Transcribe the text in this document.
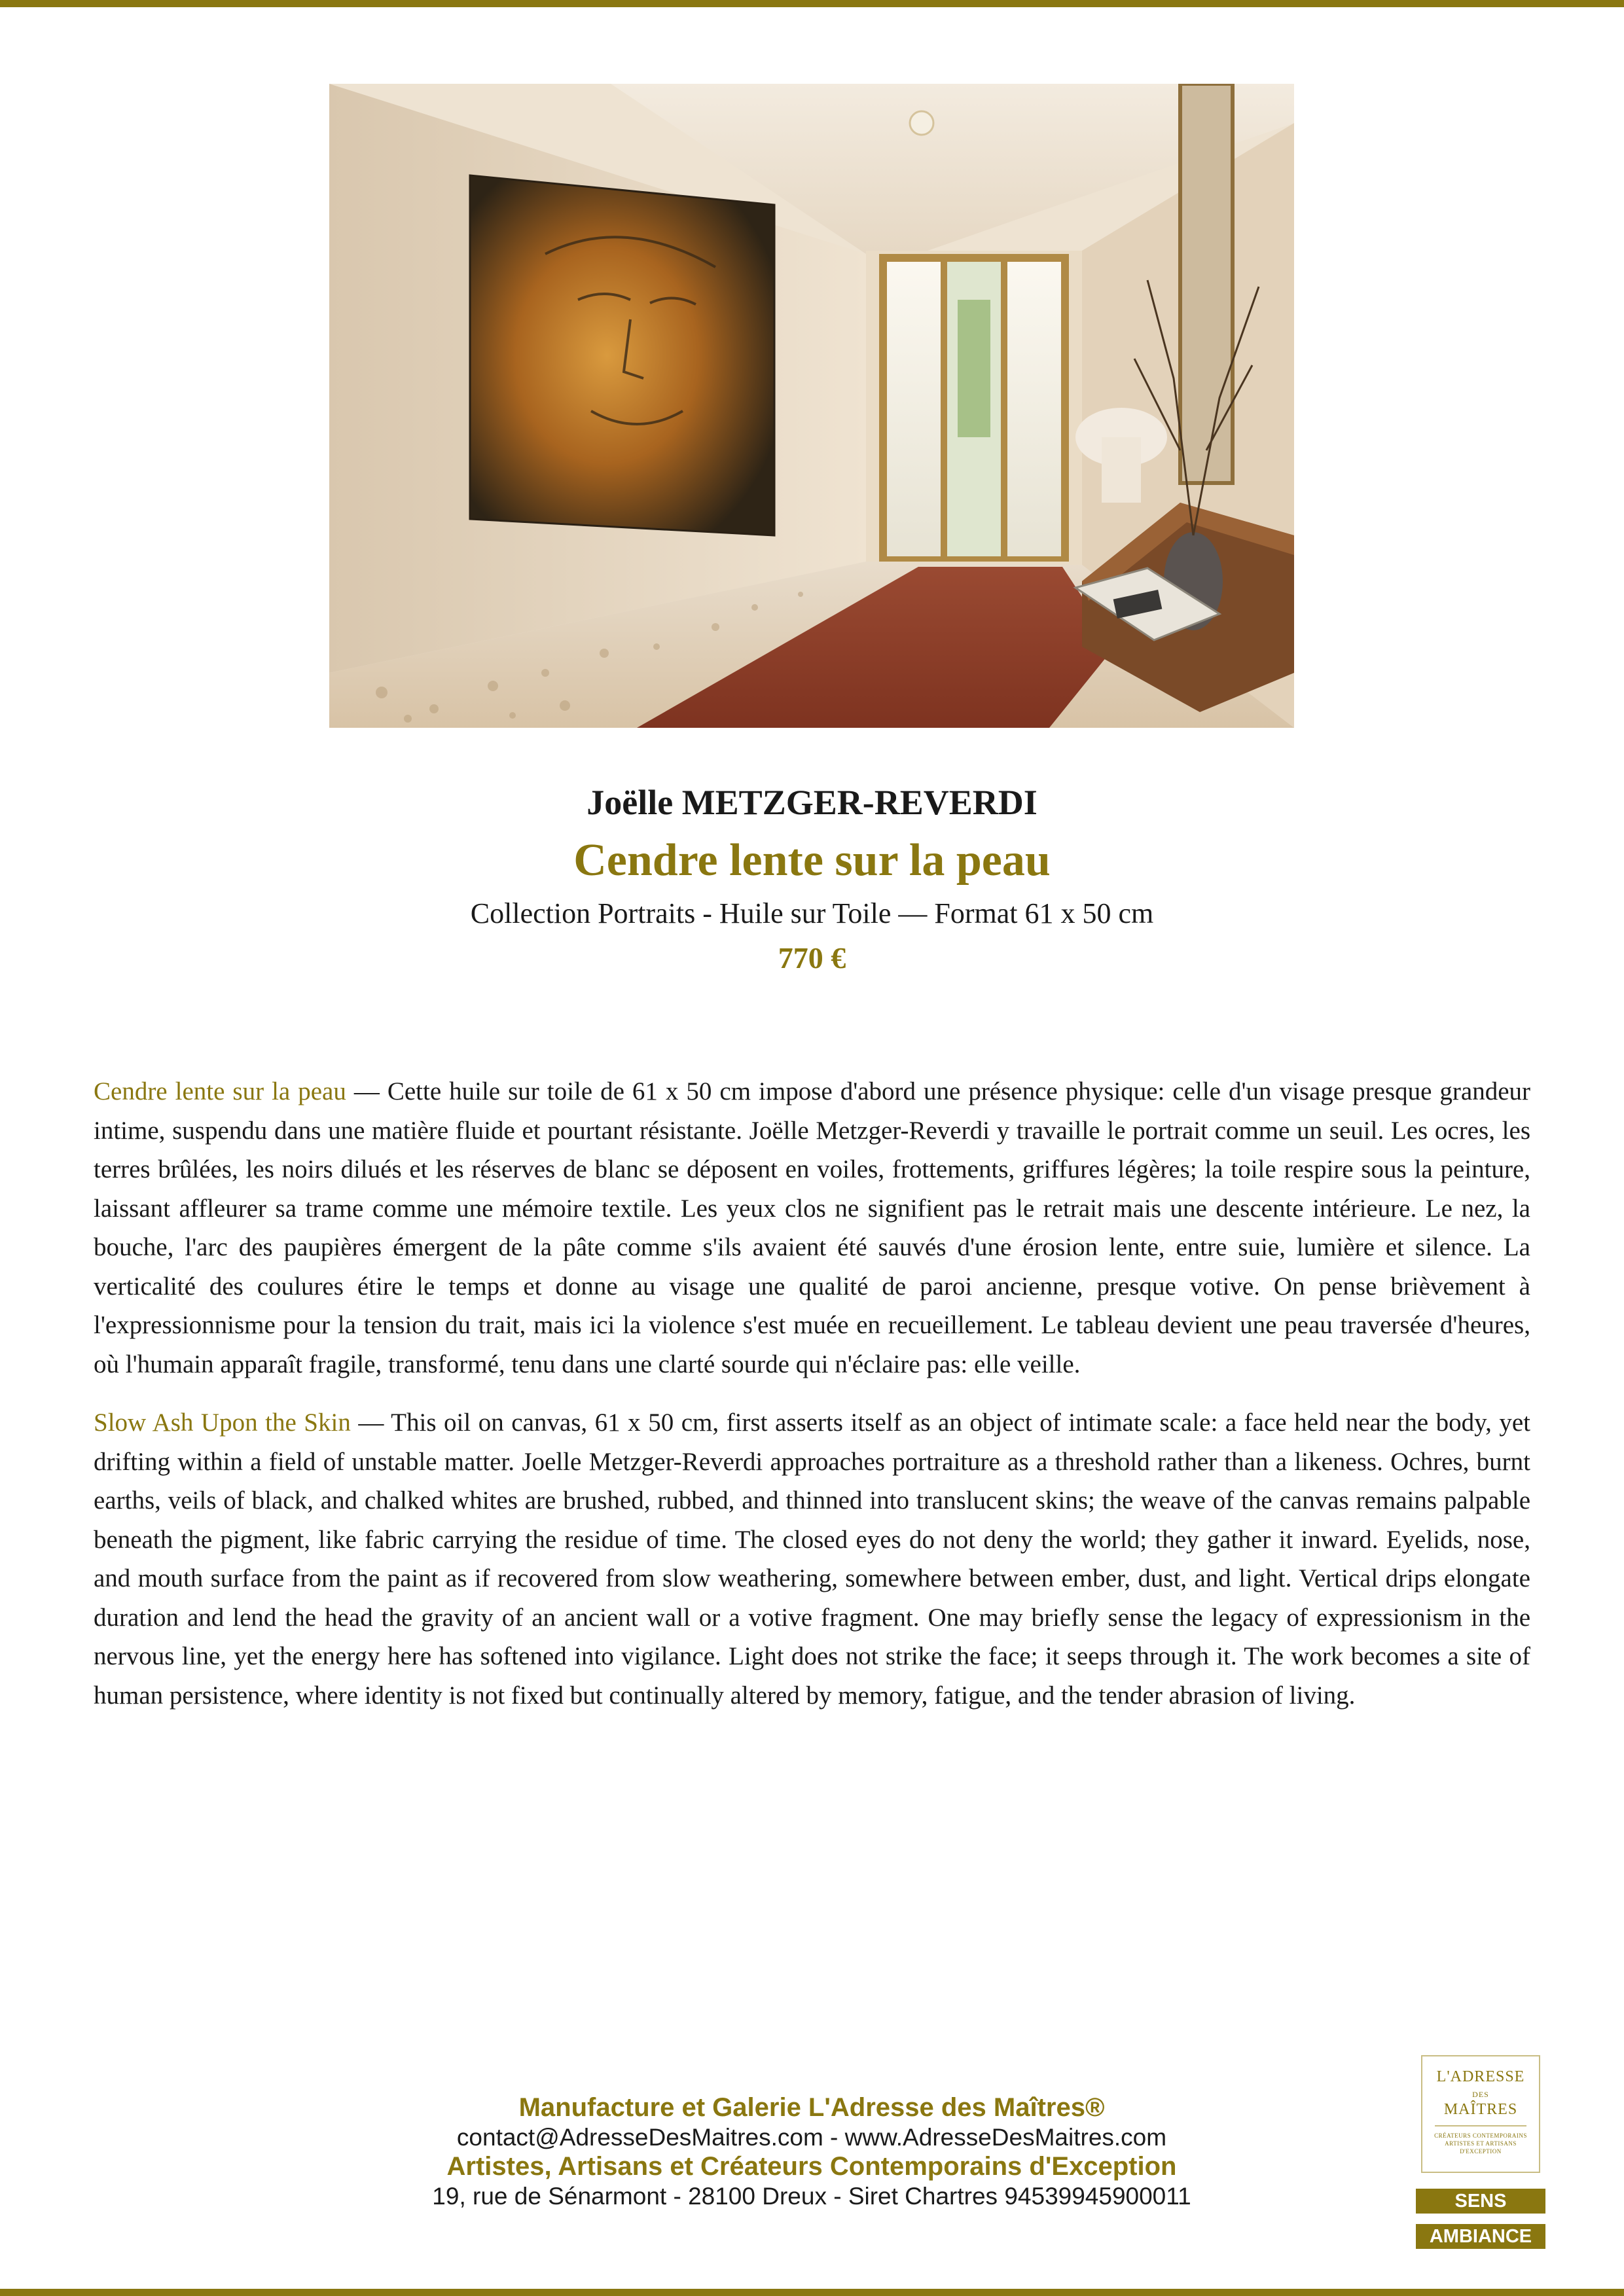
Joëlle METZGER-REVERDI
Cendre lente sur la peau
Collection Portraits - Huile sur Toile — Format 61 x 50 cm
770 €

Cendre lente sur la peau — Cette huile sur toile de 61 x 50 cm impose d'abord une présence physique: celle d'un visage presque grandeur intime, suspendu dans une matière fluide et pourtant résistante. Joëlle Metzger-Reverdi y travaille le portrait comme un seuil. Les ocres, les terres brûlées, les noirs dilués et les réserves de blanc se déposent en voiles, frottements, griffures légères; la toile respire sous la peinture, laissant affleurer sa trame comme une mémoire textile. Les yeux clos ne signifient pas le retrait mais une descente intérieure. Le nez, la bouche, l'arc des paupières émergent de la pâte comme s'ils avaient été sauvés d'une érosion lente, entre suie, lumière et silence. La verticalité des coulures étire le temps et donne au visage une qualité de paroi ancienne, presque votive. On pense brièvement à l'expressionnisme pour la tension du trait, mais ici la violence s'est muée en recueillement. Le tableau devient une peau traversée d'heures, où l'humain apparaît fragile, transformé, tenu dans une clarté sourde qui n'éclaire pas: elle veille.

Slow Ash Upon the Skin — This oil on canvas, 61 x 50 cm, first asserts itself as an object of intimate scale: a face held near the body, yet drifting within a field of unstable matter. Joelle Metzger-Reverdi approaches portraiture as a threshold rather than a likeness. Ochres, burnt earths, veils of black, and chalked whites are brushed, rubbed, and thinned into translucent skins; the weave of the canvas remains palpable beneath the pigment, like fabric carrying the residue of time. The closed eyes do not deny the world; they gather it inward. Eyelids, nose, and mouth surface from the paint as if recovered from slow weathering, somewhere between ember, dust, and light. Vertical drips elongate duration and lend the head the gravity of an ancient wall or a votive fragment. One may briefly sense the legacy of expressionism in the nervous line, yet the energy here has softened into vigilance. Light does not strike the face; it seeps through it. The work becomes a site of human persistence, where identity is not fixed but continually altered by memory, fatigue, and the tender abrasion of living.

Manufacture et Galerie L'Adresse des Maîtres®
contact@AdresseDesMaitres.com - www.AdresseDesMaitres.com
Artistes, Artisans et Créateurs Contemporains d'Exception
19, rue de Sénarmont - 28100 Dreux - Siret Chartres 94539945900011
L'ADRESSE
DES
MAÎTRES
CRÉATEURS CONTEMPORAINS ARTISTES ET ARTISANS D'EXCEPTION
SENS
AMBIANCE
